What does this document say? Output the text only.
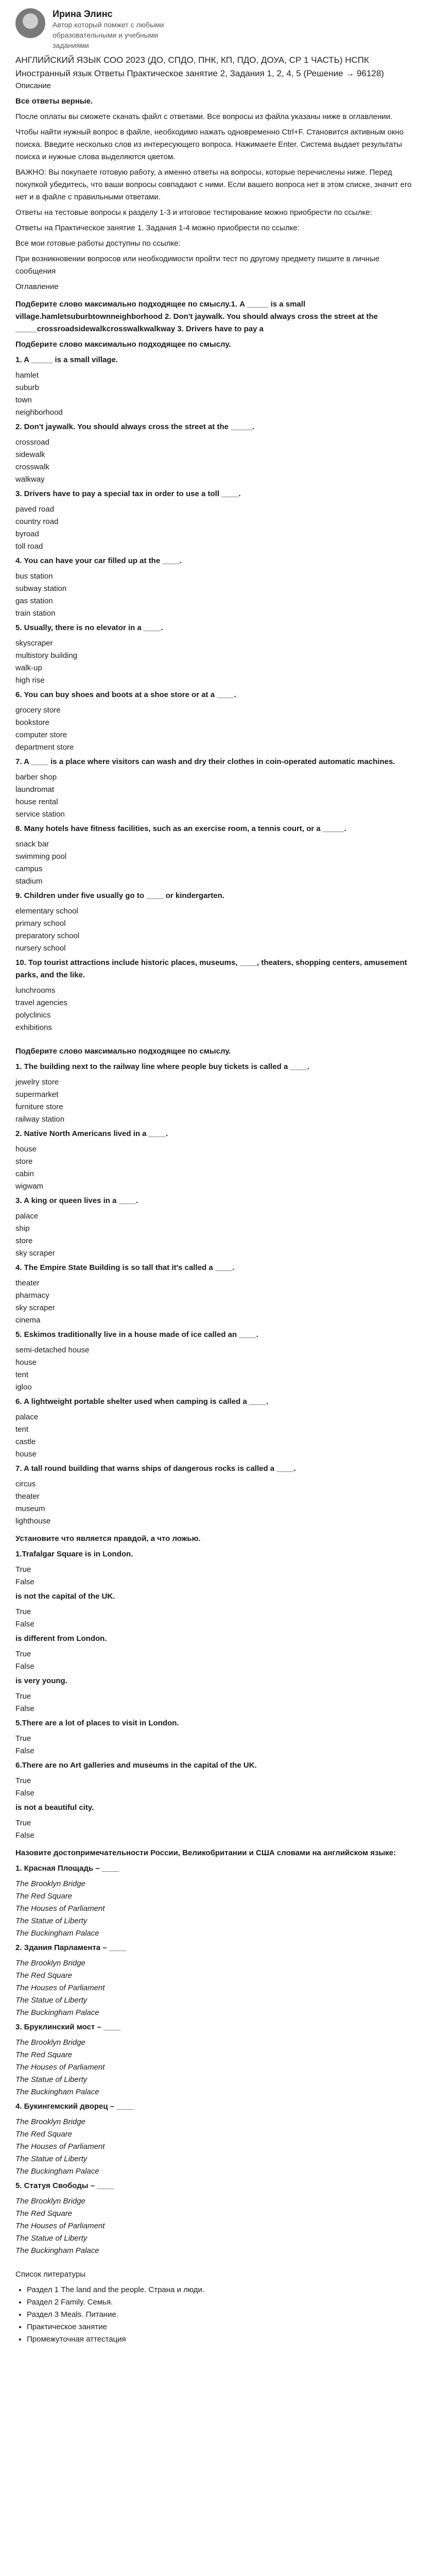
Ирина Элинс
Автор который помжет с любыми образовательными и учебными заданиями
АНГЛИЙСКИЙ ЯЗЫК СОО 2023 (ДО, СПДО, ПНК, КП, ПДО, ДОУА, СР 1 ЧАСТЬ) НСПК Иностранный язык Ответы Практическое занятие 2, Задания 1, 2, 4, 5 (Решение → 96128)

Описание

Все ответы верные.

После оплаты вы сможете скачать файл с ответами. Все вопросы из файла указаны ниже в оглавлении.

Чтобы найти нужный вопрос в файле, необходимо нажать одновременно Ctrl+F. Становится активным окно поиска. Введите несколько слов из интересующего вопроса. Нажимаете Enter. Система выдает результаты поиска и нужные слова выделяются цветом.

ВАЖНО: Вы покупаете готовую работу, а именно ответы на вопросы, которые перечислены ниже. Перед покупкой убедитесь, что ваши вопросы совпадают с ними. Если вашего вопроса нет в этом списке, значит его нет и в файле с правильными ответами.

Ответы на тестовые вопросы к разделу 1-3 и итоговое тестирование можно приобрести по ссылке:

Ответы на Практическое занятие 1. Задания 1-4 можно приобрести по ссылке:

Все мои готовые работы доступны по ссылке:

При возникновении вопросов или необходимости пройти тест по другому предмету пишите в личные сообщения

Оглавление

Подберите слово максимально подходящее по смыслу.1. A _____ is a small village.hamletsuburbtownneighborhood 2. Don't jaywalk. You should always cross the street at the _____crossroadsidewalkcrosswalkwalkway 3. Drivers have to pay a

Подберите слово максимально подходящее по смыслу.

1. A _____ is a small village.

hamlet

suburb

town

neighborhood

2. Don't jaywalk. You should always cross the street at the _____.

crossroad

sidewalk

crosswalk

walkway

3. Drivers have to pay a special tax in order to use a toll ____.

paved road

country road

byroad

toll road

4. You can have your car filled up at the ____.

bus station

subway station

gas station

train station

5. Usually, there is no elevator in a ____.

skyscraper

multistory building

walk-up

high rise

6. You can buy shoes and boots at a shoe store or at a ____.

grocery store

bookstore

computer store

department store

7. A ____ is a place where visitors can wash and dry their clothes in coin-operated automatic machines.

barber shop

laundromat

house rental

service station

8. Many hotels have fitness facilities, such as an exercise room, a tennis court, or a _____.

snack bar

swimming pool

campus

stadium

9. Children under five usually go to ____ or kindergarten.

elementary school

primary school

preparatory school

nursery school

10. Top tourist attractions include historic places, museums, ____, theaters, shopping centers, amusement parks, and the like.

lunchrooms

travel agencies

polyclinics

exhibitions

Подберите слово максимально подходящее по смыслу.

1. The building next to the railway line where people buy tickets is called a ____.

jewelry store

supermarket

furniture store

railway station

2. Native North Americans lived in a ____.

house

store

cabin

wigwam

3. A king or queen lives in a ____.

palace

ship

store

sky scraper

4. The Empire State Building is so tall that it's called a ____.

theater

pharmacy

sky scraper

cinema

5. Eskimos traditionally live in a house made of ice called an ____.

semi-detached house

house

tent

igloo

6. A lightweight portable shelter used when camping is called a ____.

palace

tent

castle

house

7. A tall round building that warns ships of dangerous rocks is called a ____.

circus

theater

museum

lighthouse

Установите что является правдой, а что ложью.

1.Trafalgar Square is in London.

True

False

is not the capital of the UK.

True

False

is different from London.

True

False

is very young.

True

False

5.There are a lot of places to visit in London.

True

False

6.There are no Art galleries and museums in the capital of the UK.

True

False

is not a beautiful city.

True

False

Назовите достопримечательности России, Великобритании и США словами на английском языке:

1. Красная Площадь – ____

The Brooklyn Bridge

The Red Square

The Houses of Parliament

The Statue of Liberty

The Buckingham Palace

2. Здания Парламента – ____

The Brooklyn Bridge

The Red Square

The Houses of Parliament

The Statue of Liberty

The Buckingham Palace

3. Бруклинский мост – ____

The Brooklyn Bridge

The Red Square

The Houses of Parliament

The Statue of Liberty

The Buckingham Palace

4. Букингемский дворец – ____

The Brooklyn Bridge

The Red Square

The Houses of Parliament

The Statue of Liberty

The Buckingham Palace

5. Статуя Свободы – ____

The Brooklyn Bridge

The Red Square

The Houses of Parliament

The Statue of Liberty

The Buckingham Palace

Список литературы

• Раздел 1 The land and the people. Страна и люди.
• Раздел 2 Family. Семья.
• Раздел 3 Meals. Питание.
• Практическое занятие
• Промежуточная аттестация
